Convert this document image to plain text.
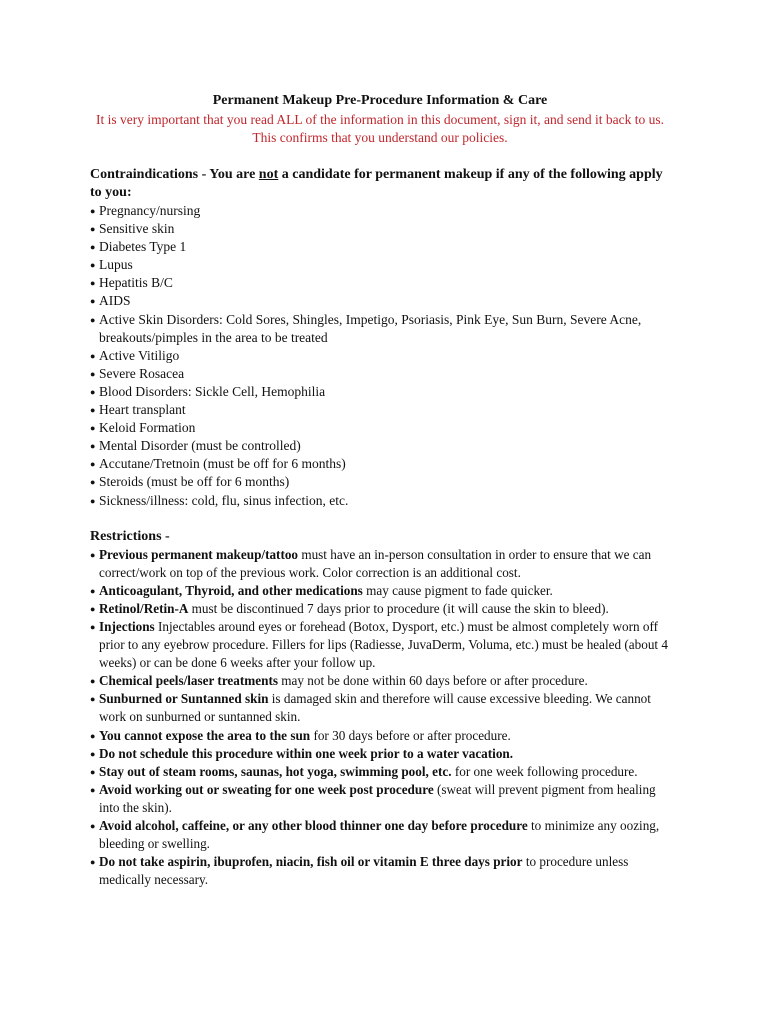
Permanent Makeup Pre-Procedure Information & Care

It is very important that you read ALL of the information in this document, sign it, and send it back to us. This confirms that you understand our policies.

Contraindications - You are not a candidate for permanent makeup if any of the following apply to you:

● Pregnancy/nursing
● Sensitive skin
● Diabetes Type 1
● Lupus
● Hepatitis B/C
● AIDS
● Active Skin Disorders: Cold Sores, Shingles, Impetigo, Psoriasis, Pink Eye, Sun Burn, Severe Acne, breakouts/pimples in the area to be treated
● Active Vitiligo
● Severe Rosacea
● Blood Disorders: Sickle Cell, Hemophilia
● Heart transplant
● Keloid Formation
● Mental Disorder (must be controlled)
● Accutane/Tretnoin (must be off for 6 months)
● Steroids (must be off for 6 months)
● Sickness/illness: cold, flu, sinus infection, etc.

Restrictions -

● Previous permanent makeup/tattoo must have an in-person consultation in order to ensure that we can correct/work on top of the previous work. Color correction is an additional cost.
● Anticoagulant, Thyroid, and other medications may cause pigment to fade quicker.
● Retinol/Retin-A must be discontinued 7 days prior to procedure (it will cause the skin to bleed).
● Injections Injectables around eyes or forehead (Botox, Dysport, etc.) must be almost completely worn off prior to any eyebrow procedure. Fillers for lips (Radiesse, JuvaDerm, Voluma, etc.) must be healed (about 4 weeks) or can be done 6 weeks after your follow up.
● Chemical peels/laser treatments may not be done within 60 days before or after procedure.
● Sunburned or Suntanned skin is damaged skin and therefore will cause excessive bleeding. We cannot work on sunburned or suntanned skin.
● You cannot expose the area to the sun for 30 days before or after procedure.
● Do not schedule this procedure within one week prior to a water vacation.
● Stay out of steam rooms, saunas, hot yoga, swimming pool, etc. for one week following procedure.
● Avoid working out or sweating for one week post procedure (sweat will prevent pigment from healing into the skin).
● Avoid alcohol, caffeine, or any other blood thinner one day before procedure to minimize any oozing, bleeding or swelling.
● Do not take aspirin, ibuprofen, niacin, fish oil or vitamin E three days prior to procedure unless medically necessary.
